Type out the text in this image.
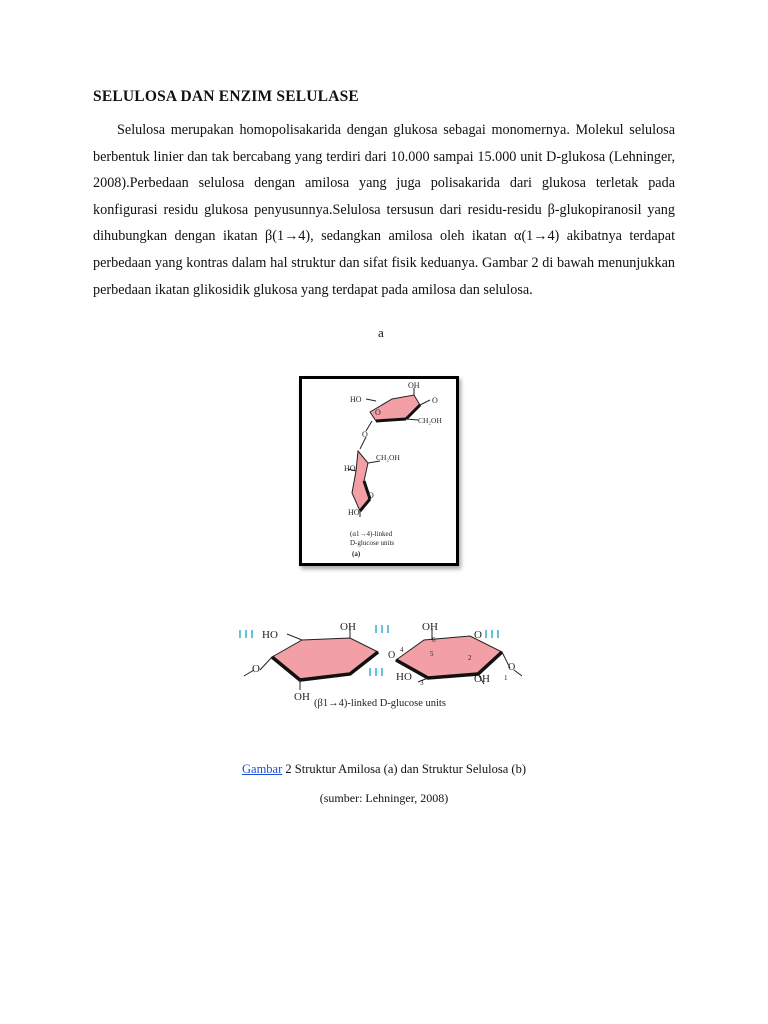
SELULOSA DAN ENZIM SELULASE
Selulosa merupakan homopolisakarida dengan glukosa sebagai monomernya. Molekul selulosa berbentuk linier dan tak bercabang yang terdiri dari 10.000 sampai 15.000 unit D-glukosa (Lehninger, 2008).Perbedaan selulosa dengan amilosa yang juga polisakarida dari glukosa terletak pada konfigurasi residu glukosa penyusunnya.Selulosa tersusun dari residu-residu β-glukopiranosil yang dihubungkan dengan ikatan β(1→4), sedangkan amilosa oleh ikatan α(1→4) akibatnya terdapat perbedaan yang kontras dalam hal struktur dan sifat fisik keduanya. Gambar 2 di bawah menunjukkan perbedaan ikatan glikosidik glukosa yang terdapat pada amilosa dan selulosa.
a
HO
OH
O
CH₂OH
O
O
CH₂OH
HO
O
HO
(α1→4)-linked
D-glucose units
(a)
HO
OH
OH
O
O 4
OH
6
5
O
2
HO 3	OH 1
O
(β1→4)-linked D-glucose units
Gambar 2 Struktur Amilosa (a) dan Struktur Selulosa (b)
(sumber: Lehninger, 2008)
